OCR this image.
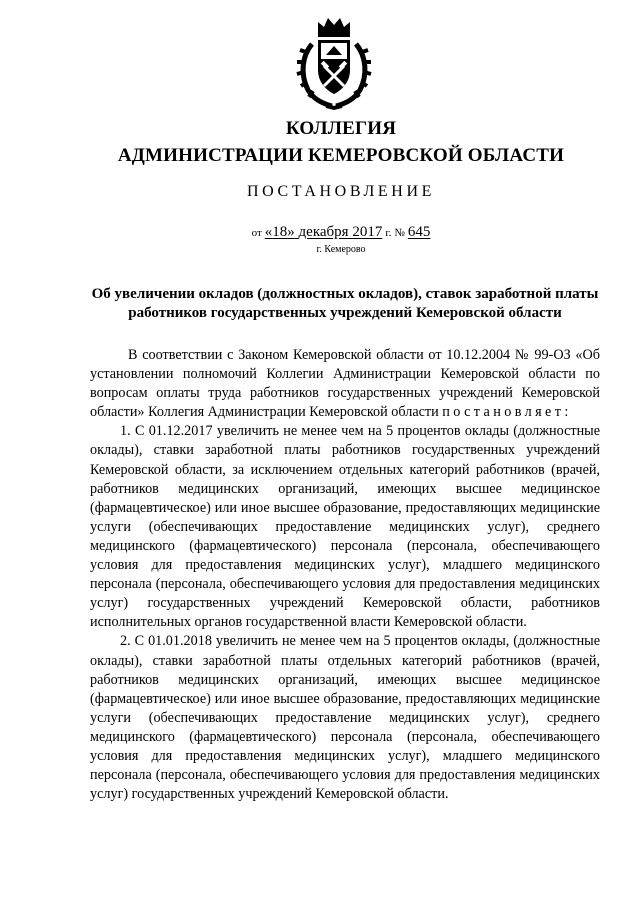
КОЛЛЕГИЯ
АДМИНИСТРАЦИИ КЕМЕРОВСКОЙ ОБЛАСТИ
ПОСТАНОВЛЕНИЕ
от «18» декабря 2017 г. № 645
г. Кемерово
Об увеличении окладов (должностных окладов), ставок заработной платы работников государственных учреждений Кемеровской области

В соответствии с Законом Кемеровской области от 10.12.2004 № 99-ОЗ «Об установлении полномочий Коллегии Администрации Кемеровской области по вопросам оплаты труда работников государственных учреждений Кемеровской области» Коллегия Администрации Кемеровской области постановляет:

1. С 01.12.2017 увеличить не менее чем на 5 процентов оклады (должностные оклады), ставки заработной платы работников государственных учреждений Кемеровской области, за исключением отдельных категорий работников (врачей, работников медицинских организаций, имеющих высшее медицинское (фармацевтическое) или иное высшее образование, предоставляющих медицинские услуги (обеспечивающих предоставление медицинских услуг), среднего медицинского (фармацевтического) персонала (персонала, обеспечивающего условия для предоставления медицинских услуг), младшего медицинского персонала (персонала, обеспечивающего условия для предоставления медицинских услуг) государственных учреждений Кемеровской области, работников исполнительных органов государственной власти Кемеровской области.

2. С 01.01.2018 увеличить не менее чем на 5 процентов оклады, (должностные оклады), ставки заработной платы отдельных категорий работников (врачей, работников медицинских организаций, имеющих высшее медицинское (фармацевтическое) или иное высшее образование, предоставляющих медицинские услуги (обеспечивающих предоставление медицинских услуг), среднего медицинского (фармацевтического) персонала (персонала, обеспечивающего условия для предоставления медицинских услуг), младшего медицинского персонала (персонала, обеспечивающего условия для предоставления медицинских услуг) государственных учреждений Кемеровской области.
